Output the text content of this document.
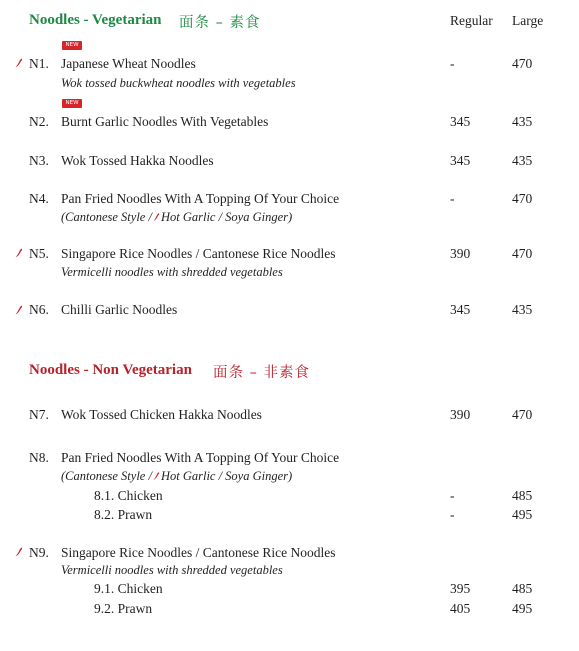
Noodles - Vegetarian 面条 – 素食	Regular Large
NEW
N1. Japanese Wheat Noodles
Wok tossed buckwheat noodles with vegetables
-	470
NEW
N2. Burnt Garlic Noodles With Vegetables	345	435
N3. Wok Tossed Hakka Noodles	345	435
N4. Pan Fried Noodles With A Topping Of Your Choice
(Cantonese Style / Hot Garlic / Soya Ginger)
-	470
N5. Singapore Rice Noodles / Cantonese Rice Noodles
Vermicelli noodles with shredded vegetables
390	470
N6. Chilli Garlic Noodles	345	435
Noodles - Non Vegetarian 面条 – 非素食
N7. Wok Tossed Chicken Hakka Noodles	390	470
N8. Pan Fried Noodles With A Topping Of Your Choice
(Cantonese Style / Hot Garlic / Soya Ginger)
8.1. Chicken	-	485
8.2. Prawn	-	495
N9. Singapore Rice Noodles / Cantonese Rice Noodles
Vermicelli noodles with shredded vegetables
9.1. Chicken	395	485
9.2. Prawn	405	495
